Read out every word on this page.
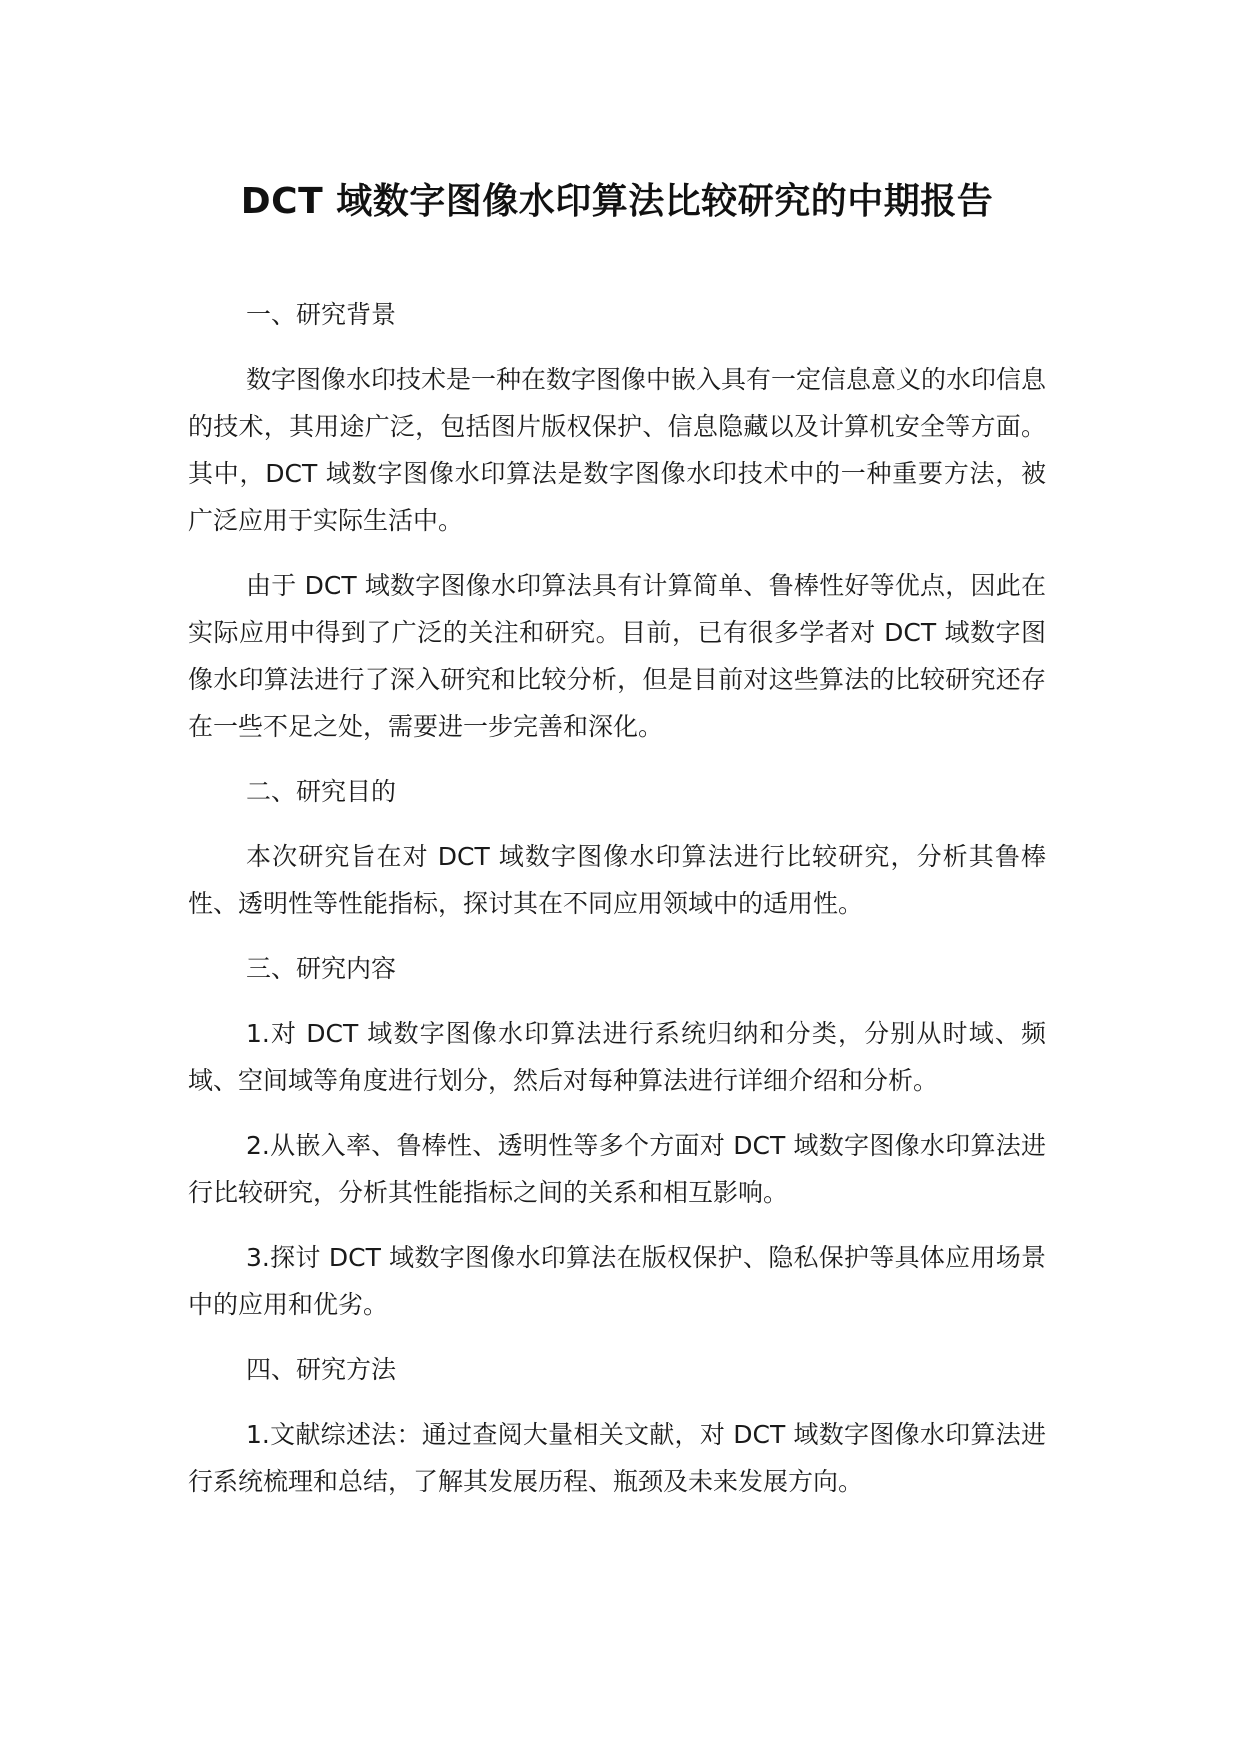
DCT 域数字图像水印算法比较研究的中期报告

一、研究背景

数字图像水印技术是一种在数字图像中嵌入具有一定信息意义的水印信息的技术，其用途广泛，包括图片版权保护、信息隐藏以及计算机安全等方面。其中，DCT 域数字图像水印算法是数字图像水印技术中的一种重要方法，被广泛应用于实际生活中。

由于 DCT 域数字图像水印算法具有计算简单、鲁棒性好等优点，因此在实际应用中得到了广泛的关注和研究。目前，已有很多学者对 DCT 域数字图像水印算法进行了深入研究和比较分析，但是目前对这些算法的比较研究还存在一些不足之处，需要进一步完善和深化。

二、研究目的

本次研究旨在对 DCT 域数字图像水印算法进行比较研究，分析其鲁棒性、透明性等性能指标，探讨其在不同应用领域中的适用性。

三、研究内容

1.对 DCT 域数字图像水印算法进行系统归纳和分类，分别从时域、频域、空间域等角度进行划分，然后对每种算法进行详细介绍和分析。

2.从嵌入率、鲁棒性、透明性等多个方面对 DCT 域数字图像水印算法进行比较研究，分析其性能指标之间的关系和相互影响。

3.探讨 DCT 域数字图像水印算法在版权保护、隐私保护等具体应用场景中的应用和优劣。

四、研究方法

1.文献综述法：通过查阅大量相关文献，对 DCT 域数字图像水印算法进行系统梳理和总结，了解其发展历程、瓶颈及未来发展方向。
